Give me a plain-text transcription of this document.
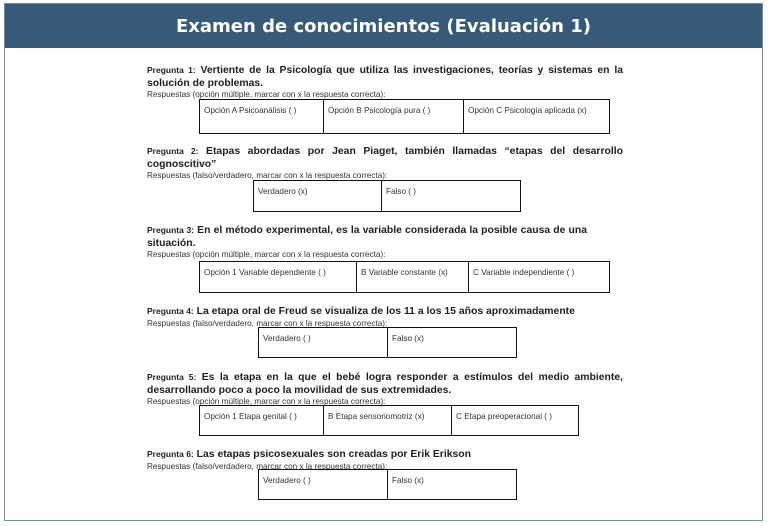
Examen de conocimientos (Evaluación 1)
Pregunta 1: Vertiente de la Psicología que utiliza las investigaciones, teorías y sistemas en la solución de problemas.
Respuestas (opción múltiple, marcar con x la respuesta correcta):
Opción A Psicoanálisis ( )	Opción B Psicología pura ( )	Opción C Psicología aplicada (x)
Pregunta 2: Etapas abordadas por Jean Piaget, también llamadas “etapas del desarrollo cognoscitivo”
Respuestas (falso/verdadero, marcar con x la respuesta correcta):
Verdadero (x)	Falso ( )
Pregunta 3: En el método experimental, es la variable considerada la posible causa de una situación.
Respuestas (opción múltiple, marcar con x la respuesta correcta):
Opción 1 Variable dependiente ( )	B Variable constante (x)	C Variable independiente ( )
Pregunta 4: La etapa oral de Freud se visualiza de los 11 a los 15 años aproximadamente
Respuestas (falso/verdadero, marcar con x la respuesta correcta):
Verdadero ( )	Falso (x)
Pregunta 5: Es la etapa en la que el bebé logra responder a estímulos del medio ambiente, desarrollando poco a poco la movilidad de sus extremidades.
Respuestas (opción múltiple, marcar con x la respuesta correcta):
Opción 1 Etapa genital ( )	B Etapa sensoriomotriz (x)	C Etapa preoperacional ( )
Pregunta 6: Las etapas psicosexuales son creadas por Erik Erikson
Respuestas (falso/verdadero, marcar con x la respuesta correcta):
Verdadero ( )	Falso (x)
